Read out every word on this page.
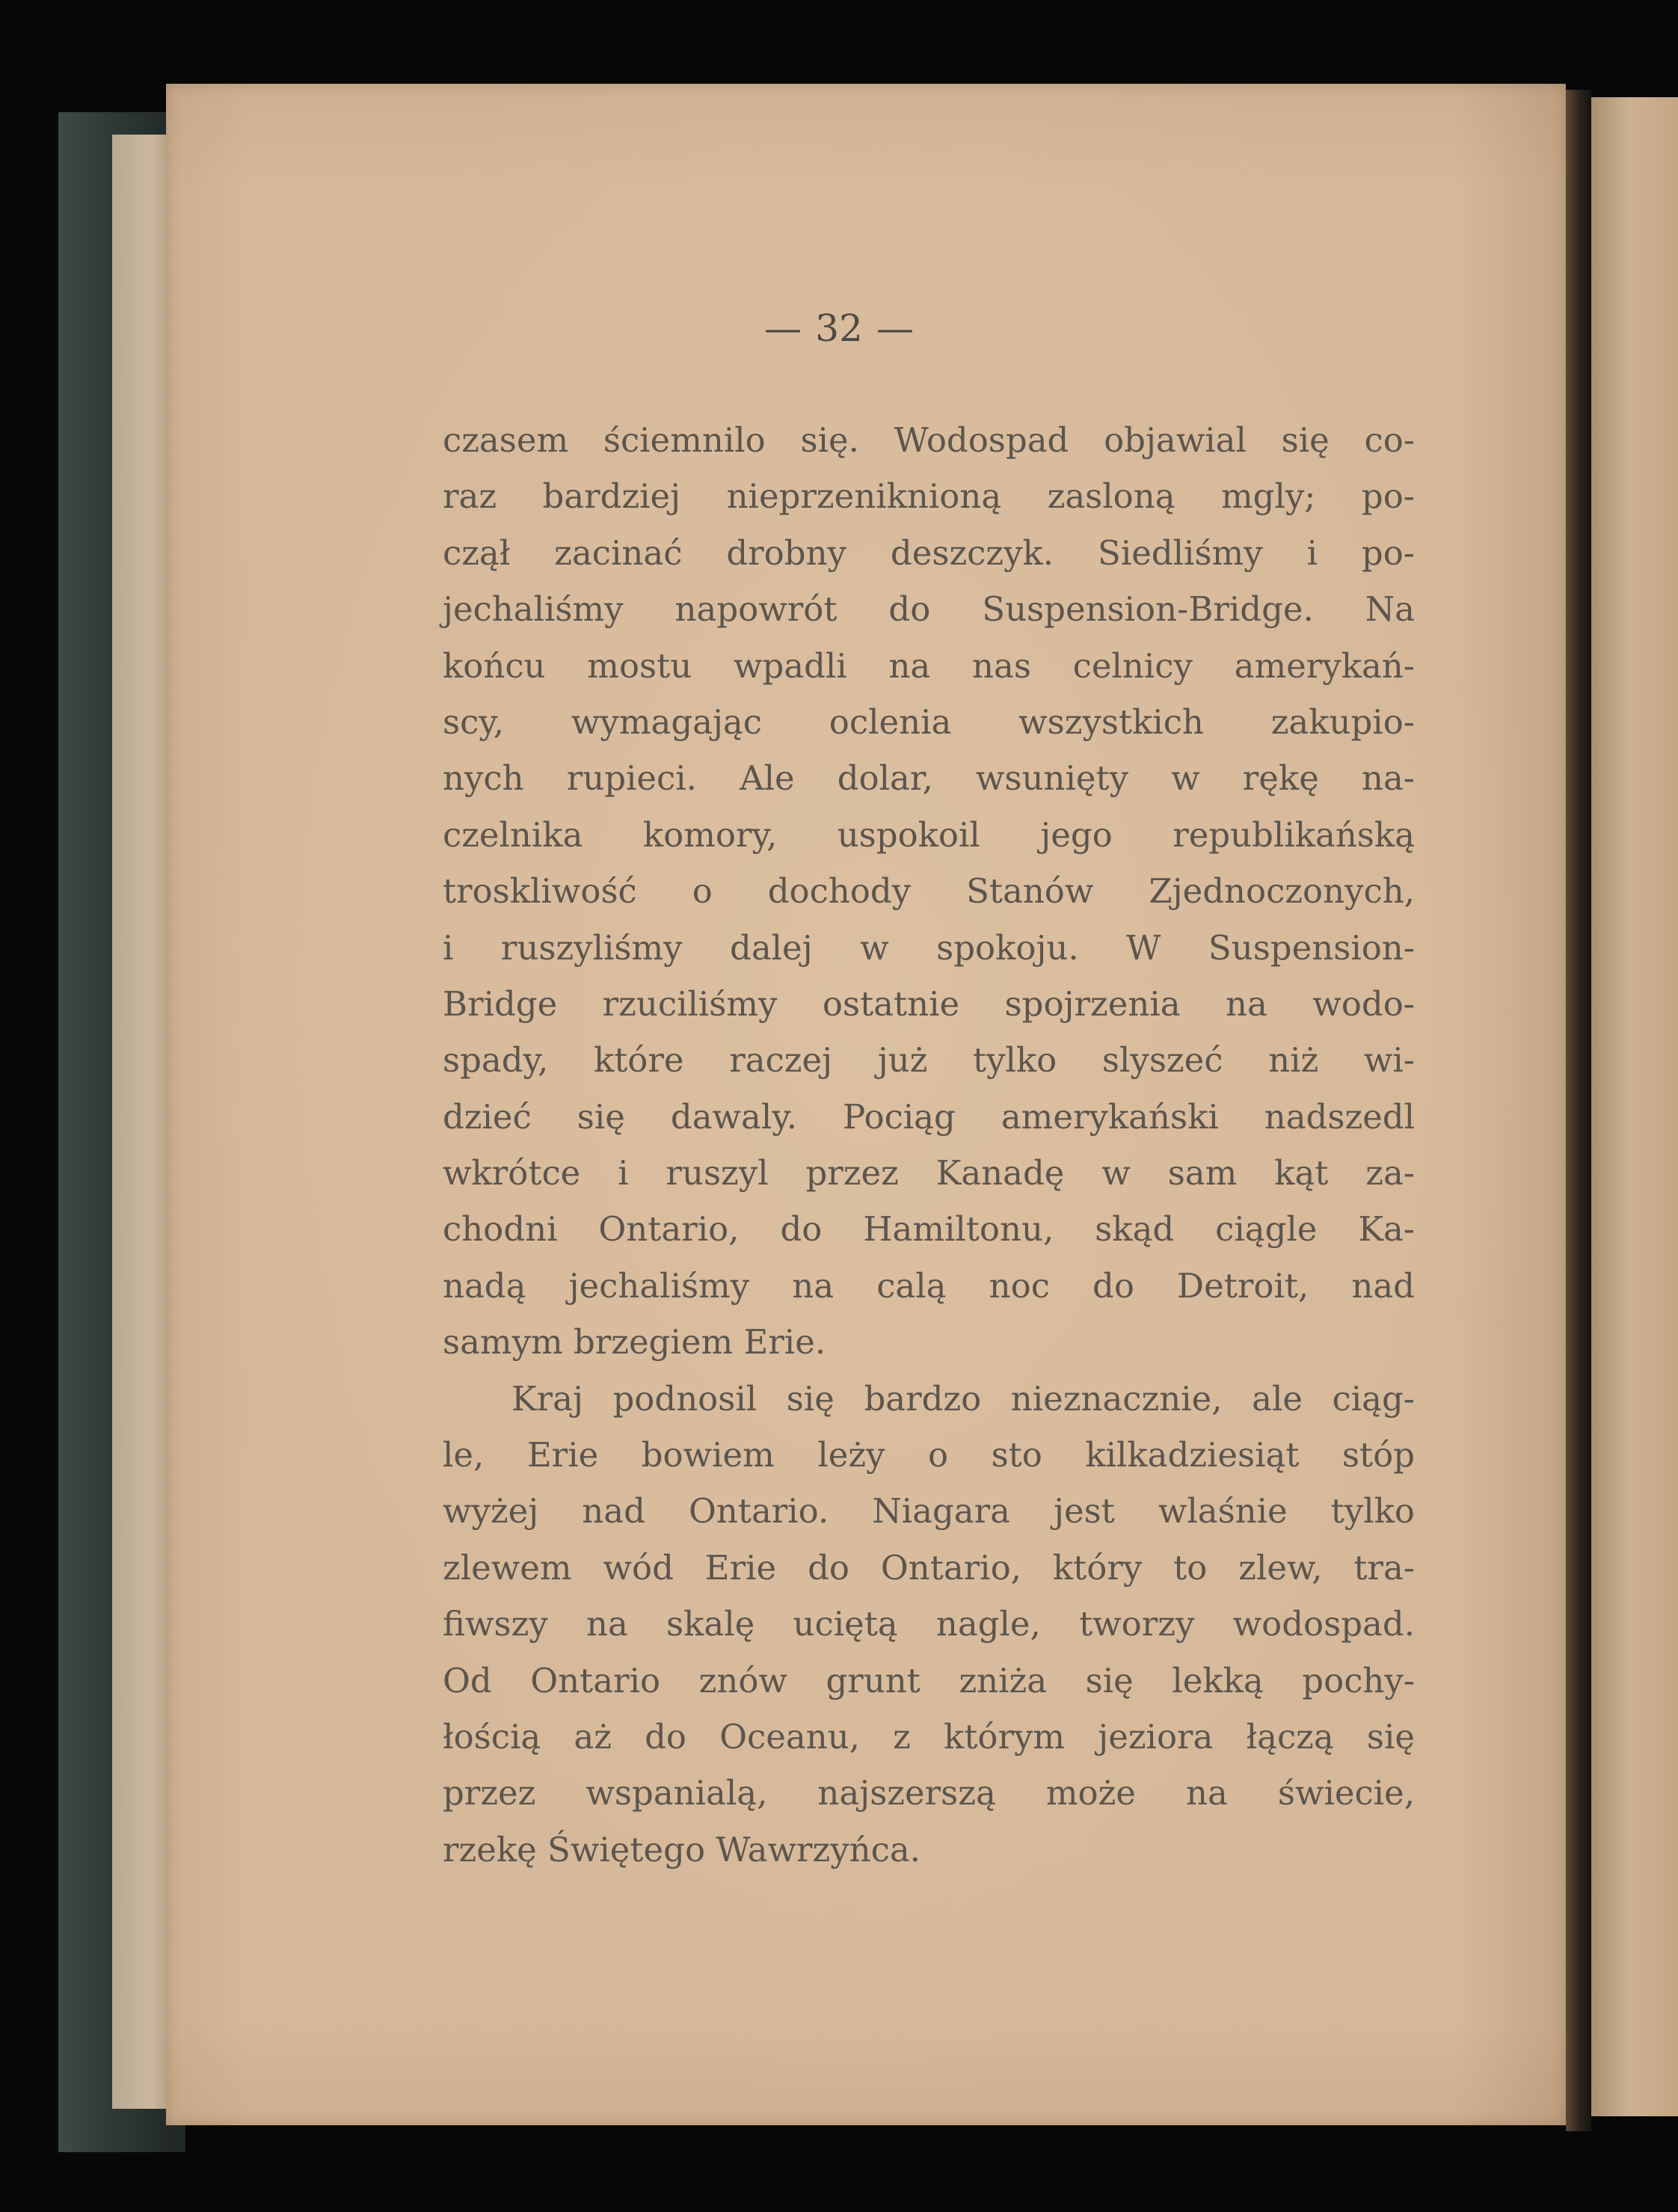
— 32 —
czasem ściemnilo się. Wodospad objawial się co-
raz bardziej nieprzeniknioną zasloną mgly; po-
czął zacinać drobny deszczyk. Siedliśmy i po-
jechaliśmy napowrót do Suspension-Bridge. Na
końcu mostu wpadli na nas celnicy amerykań-
scy, wymagając oclenia wszystkich zakupio-
nych rupieci. Ale dolar, wsunięty w rękę na-
czelnika komory, uspokoil jego republikańską
troskliwość o dochody Stanów Zjednoczonych,
i ruszyliśmy dalej w spokoju. W Suspension-
Bridge rzuciliśmy ostatnie spojrzenia na wodo-
spady, które raczej już tylko slyszeć niż wi-
dzieć się dawaly. Pociąg amerykański nadszedl
wkrótce i ruszyl przez Kanadę w sam kąt za-
chodni Ontario, do Hamiltonu, skąd ciągle Ka-
nadą jechaliśmy na calą noc do Detroit, nad
samym brzegiem Erie.
Kraj podnosil się bardzo nieznacznie, ale ciąg-
le, Erie bowiem leży o sto kilkadziesiąt stóp
wyżej nad Ontario. Niagara jest wlaśnie tylko
zlewem wód Erie do Ontario, który to zlew, tra-
fiwszy na skalę uciętą nagle, tworzy wodospad.
Od Ontario znów grunt zniża się lekką pochy-
łością aż do Oceanu, z którym jeziora łączą się
przez wspanialą, najszerszą może na świecie,
rzekę Świętego Wawrzyńca.
